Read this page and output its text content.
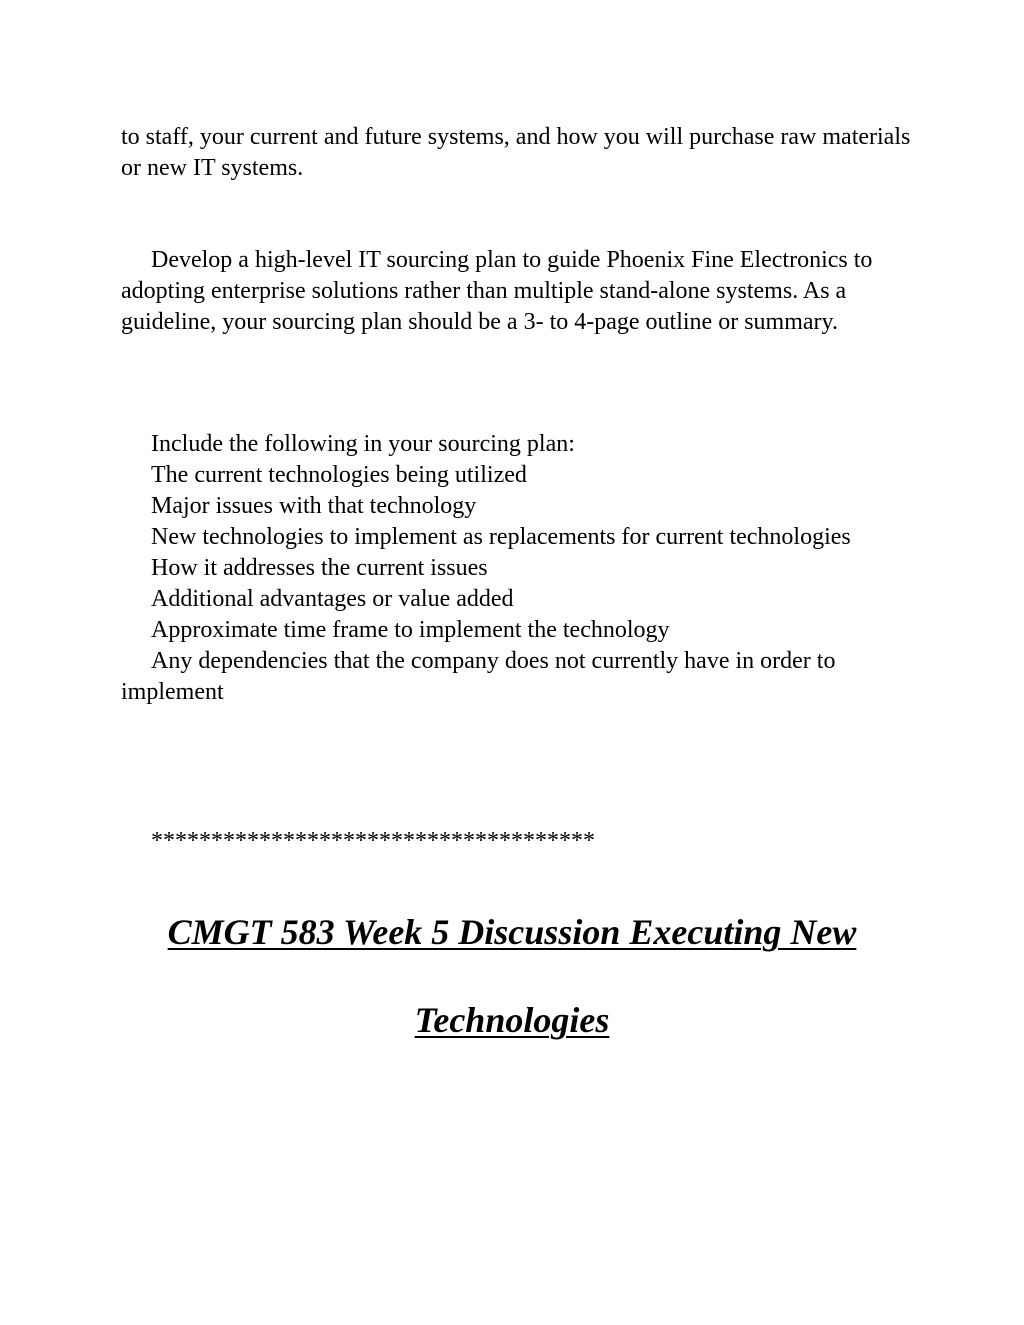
to staff, your current and future systems, and how you will purchase raw materials or new IT systems.

Develop a high-level IT sourcing plan to guide Phoenix Fine Electronics to adopting enterprise solutions rather than multiple stand-alone systems. As a guideline, your sourcing plan should be a 3- to 4-page outline or summary.

Include the following in your sourcing plan:
The current technologies being utilized
Major issues with that technology
New technologies to implement as replacements for current technologies
How it addresses the current issues
Additional advantages or value added
Approximate time frame to implement the technology
Any dependencies that the company does not currently have in order to implement

*************************************

CMGT 583 Week 5 Discussion Executing New Technologies
